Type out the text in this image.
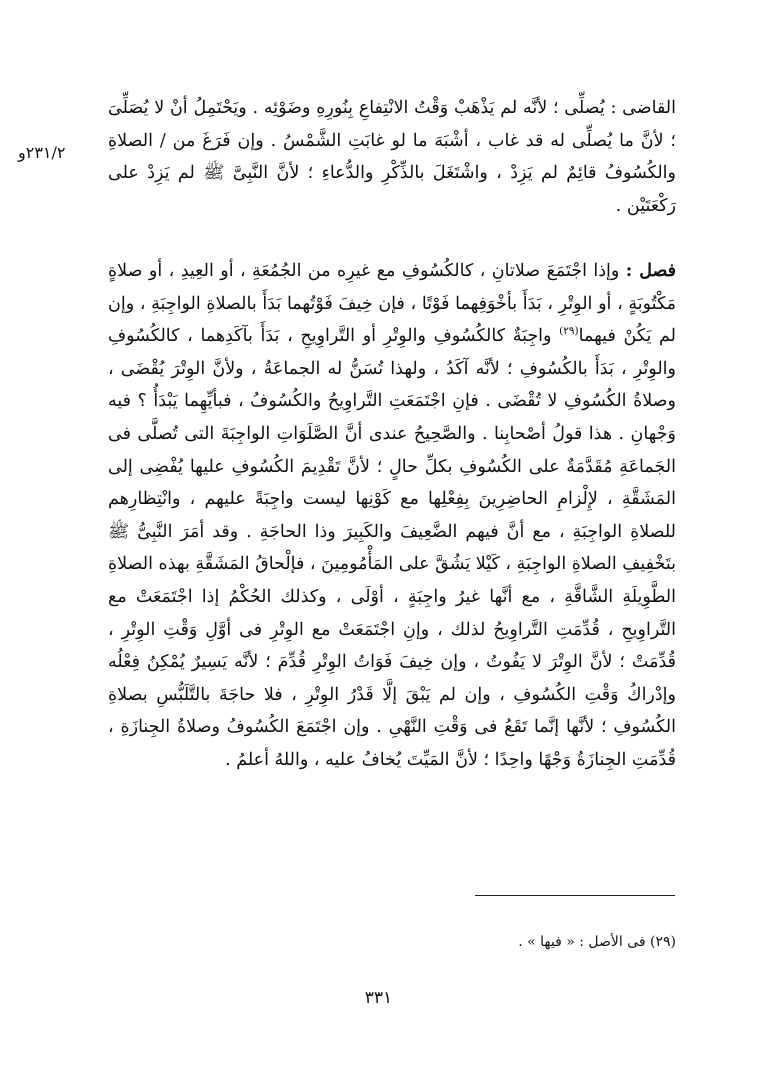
٢٣١/٢و

القاضى : يُصلِّى ؛ لأنَّه لم يَذْهَبْ وَقْتُ الانْتِفاعِ بِنُورِهِ وضَوْئِه . ويَحْتَمِلُ أنْ لا يُصَلِّىَ ؛ لأنَّ ما يُصلِّى له قد غاب ، أشْبَهَ ما لو غابَتِ الشَّمْسُ . وإن فَرَغَ من / الصلاةِ والكُسُوفُ قائِمٌ لم يَزِدْ ، واشْتَغَلَ بالذِّكْرِ والدُّعاءِ ؛ لأنَّ النَّبِىَّ ﷺ لم يَزِدْ على رَكْعَتَيْن .

فصل : وإذا اجْتَمَعَ صلاتانِ ، كالكُسُوفِ مع غيرِه من الجُمُعَةِ ، أو العِيدِ ، أو صلاةٍ مَكْتُوبَةٍ ، أو الوِتْرِ ، بَدَأَ بأخْوَفِهما فَوْتًا ، فإن خِيفَ فَوْتُهما بَدَأَ بالصلاةِ الواجِبَةِ ، وإن لم يَكُنْ فيهما$^{(٢٩)}$ واجِبَةٌ كالكُسُوفِ والوِتْرِ أو التَّراوِيحِ ، بَدَأَ بآكَدِهما ، كالكُسُوفِ والوِتْرِ ، بَدَأَ بالكُسُوفِ ؛ لأنَّه آكَدُ ، ولهذا تُسَنُّ له الجماعَةُ ، ولأنَّ الوِتْرَ يُقْضَى ، وصلاةُ الكُسُوفِ لا تُقْضَى . فإنِ اجْتَمَعَتِ التَّراوِيحُ والكُسُوفُ ، فبأيِّهِما يَبْدَأُ ؟ فيه وَجْهانِ . هذا قولُ أصْحابِنا . والصَّحِيحُ عندى أنَّ الصَّلَوَاتِ الواجِبَةَ التى تُصلَّى فى الجَماعَةِ مُقَدَّمَةٌ على الكُسُوفِ بكلِّ حالٍ ؛ لأنَّ تَقْدِيمَ الكُسُوفِ عليها يُفْضِى إلى المَشَقَّةِ ، لإِلْزامِ الحاضِرِينَ بِفِعْلِها مع كَوْنِها ليست واجِبَةً عليهم ، وانْتِظارِهم للصلاةِ الواجِبَةِ ، مع أنَّ فيهم الضَّعِيفَ والكَبِيرَ وذا الحاجَةِ . وقد أمَرَ النَّبِىُّ ﷺ بتَخْفِيفِ الصلاةِ الواجِبَةِ ، كَيْلا يَشُقَّ على المَأْمُومِينَ ، فإلْحاقُ المَشَقَّةِ بهذه الصلاةِ الطَّوِيلَةِ الشَّاقَّةِ ، مع أنَّها غيرُ واجِبَةٍ ، أوْلَى ، وكذلك الحُكْمُ إذا اجْتَمَعَتْ مع التَّراوِيحِ ، قُدِّمَتِ التَّراوِيحُ لذلك ، وإنِ اجْتَمَعَتْ مع الوِتْرِ فى أوَّلِ وَقْتِ الوِتْرِ ، قُدِّمَتْ ؛ لأنَّ الوِتْرَ لا يَفُوتُ ، وإن خِيفَ فَوَاتُ الوِتْرِ قُدِّمَ ؛ لأنَّه يَسِيرٌ يُمْكِنُ فِعْلُه وإدْراكُ وَقْتِ الكُسُوفِ ، وإن لم يَبْقَ إلَّا قَدْرُ الوِتْرِ ، فلا حاجَةَ بالتَّلَبُّسِ بصلاةِ الكُسُوفِ ؛ لأنَّها إنَّما تَقَعُ فى وَقْتِ النَّهْىِ . وإن اجْتَمَعَ الكُسُوفُ وصلاةُ الجِنازَةِ ، قُدِّمَتِ الجِنازَةُ وَجْهًا واحِدًا ؛ لأنَّ المَيِّتَ يُخافُ عليه ، واللهُ أعلمُ .

(٢٩) فى الأصل : « فيها » .
٣٣١
